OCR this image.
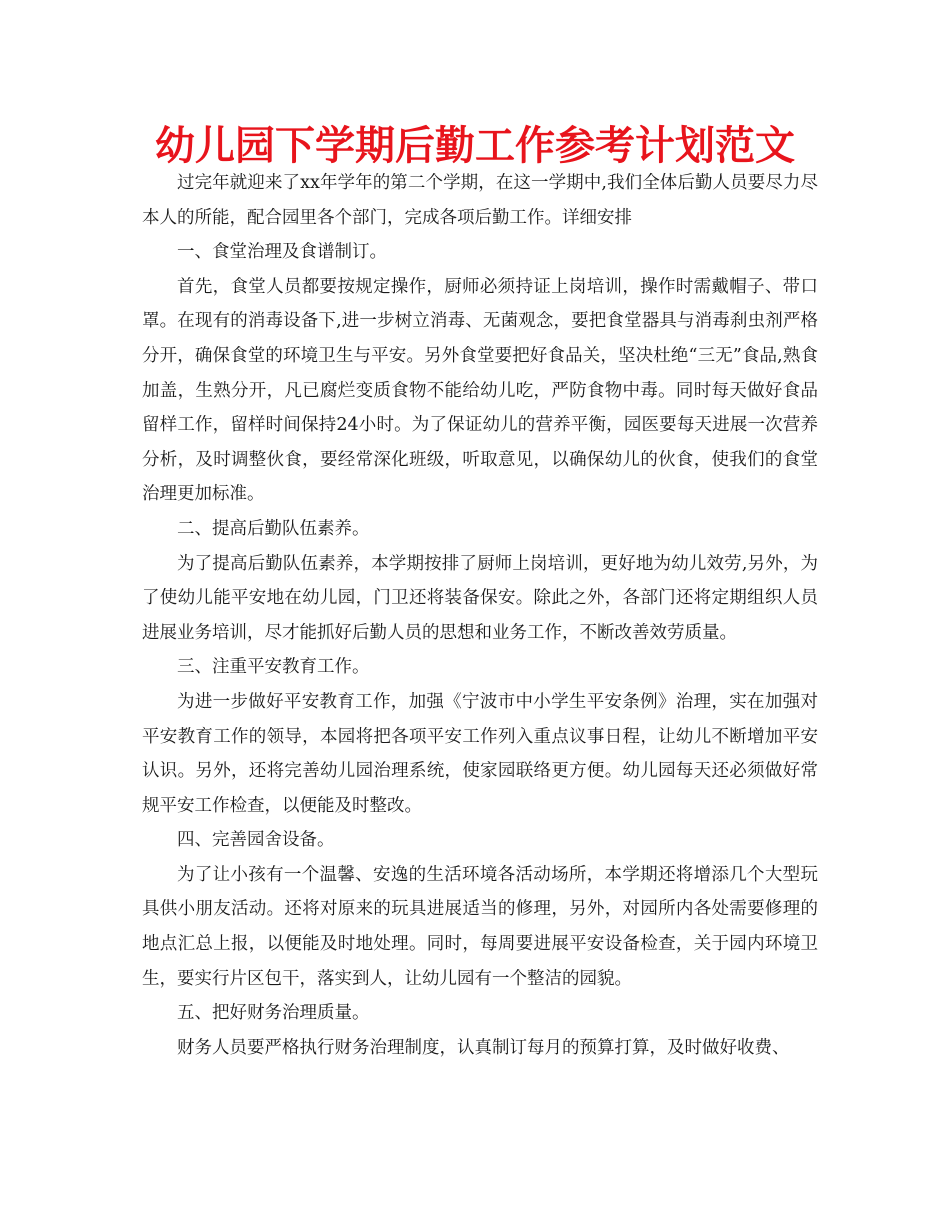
幼儿园下学期后勤工作参考计划范文

过完年就迎来了xx年学年的第二个学期，在这一学期中,我们全体后勤人员要尽力尽本人的所能，配合园里各个部门，完成各项后勤工作。详细安排

一、食堂治理及食谱制订。

首先，食堂人员都要按规定操作，厨师必须持证上岗培训，操作时需戴帽子、带口罩。在现有的消毒设备下,进一步树立消毒、无菌观念，要把食堂器具与消毒刹虫剂严格分开，确保食堂的环境卫生与平安。另外食堂要把好食品关，坚决杜绝“三无”食品,熟食加盖，生熟分开，凡已腐烂变质食物不能给幼儿吃，严防食物中毒。同时每天做好食品留样工作，留样时间保持24小时。为了保证幼儿的营养平衡，园医要每天进展一次营养分析，及时调整伙食，要经常深化班级，听取意见，以确保幼儿的伙食，使我们的食堂治理更加标准。

二、提高后勤队伍素养。

为了提高后勤队伍素养，本学期按排了厨师上岗培训，更好地为幼儿效劳,另外，为了使幼儿能平安地在幼儿园，门卫还将装备保安。除此之外，各部门还将定期组织人员进展业务培训，尽才能抓好后勤人员的思想和业务工作，不断改善效劳质量。

三、注重平安教育工作。

为进一步做好平安教育工作，加强《宁波市中小学生平安条例》治理，实在加强对平安教育工作的领导，本园将把各项平安工作列入重点议事日程，让幼儿不断增加平安认识。另外，还将完善幼儿园治理系统，使家园联络更方便。幼儿园每天还必须做好常规平安工作检查，以便能及时整改。

四、完善园舍设备。

为了让小孩有一个温馨、安逸的生活环境各活动场所，本学期还将增添几个大型玩具供小朋友活动。还将对原来的玩具进展适当的修理，另外，对园所内各处需要修理的地点汇总上报，以便能及时地处理。同时，每周要进展平安设备检查，关于园内环境卫生，要实行片区包干，落实到人，让幼儿园有一个整洁的园貌。

五、把好财务治理质量。

财务人员要严格执行财务治理制度，认真制订每月的预算打算，及时做好收费、
